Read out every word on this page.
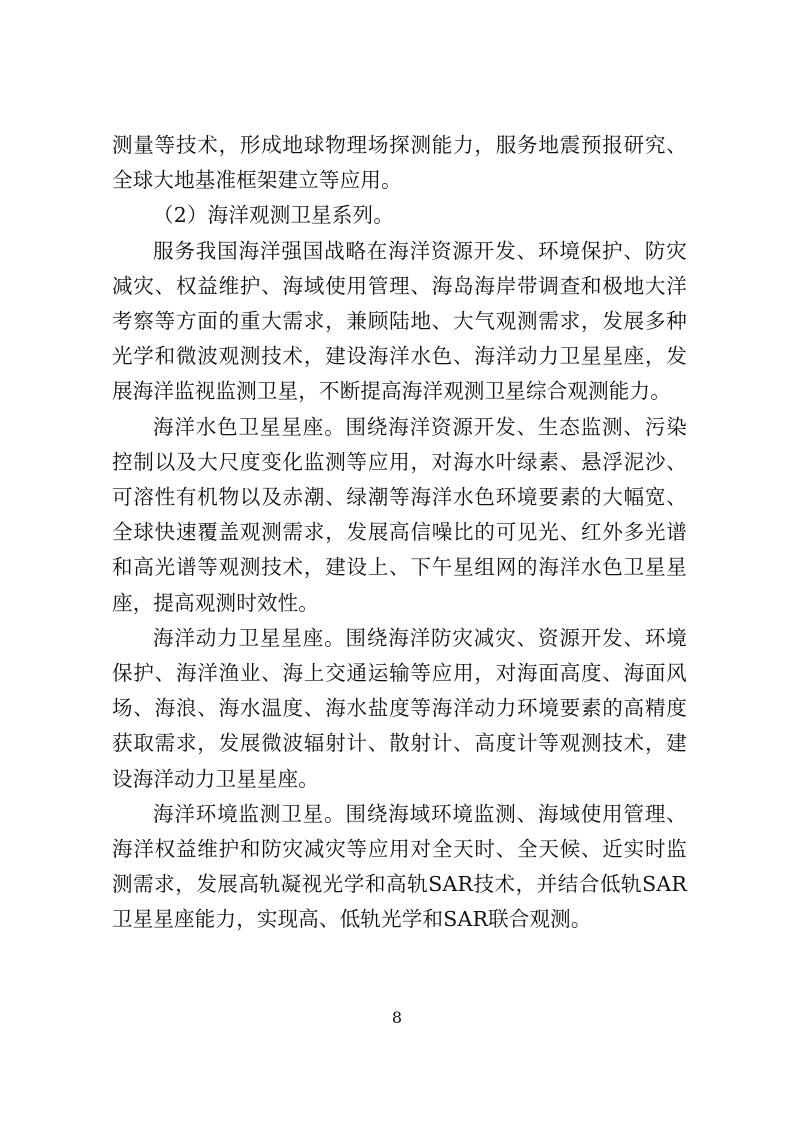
测量等技术，形成地球物理场探测能力，服务地震预报研究、全球大地基准框架建立等应用。

（2）海洋观测卫星系列。

服务我国海洋强国战略在海洋资源开发、环境保护、防灾减灾、权益维护、海域使用管理、海岛海岸带调查和极地大洋考察等方面的重大需求，兼顾陆地、大气观测需求，发展多种光学和微波观测技术，建设海洋水色、海洋动力卫星星座，发展海洋监视监测卫星，不断提高海洋观测卫星综合观测能力。

海洋水色卫星星座。围绕海洋资源开发、生态监测、污染控制以及大尺度变化监测等应用，对海水叶绿素、悬浮泥沙、可溶性有机物以及赤潮、绿潮等海洋水色环境要素的大幅宽、全球快速覆盖观测需求，发展高信噪比的可见光、红外多光谱和高光谱等观测技术，建设上、下午星组网的海洋水色卫星星座，提高观测时效性。

海洋动力卫星星座。围绕海洋防灾减灾、资源开发、环境保护、海洋渔业、海上交通运输等应用，对海面高度、海面风场、海浪、海水温度、海水盐度等海洋动力环境要素的高精度获取需求，发展微波辐射计、散射计、高度计等观测技术，建设海洋动力卫星星座。

海洋环境监测卫星。围绕海域环境监测、海域使用管理、海洋权益维护和防灾减灾等应用对全天时、全天候、近实时监测需求，发展高轨凝视光学和高轨SAR技术，并结合低轨SAR卫星星座能力，实现高、低轨光学和SAR联合观测。

8
